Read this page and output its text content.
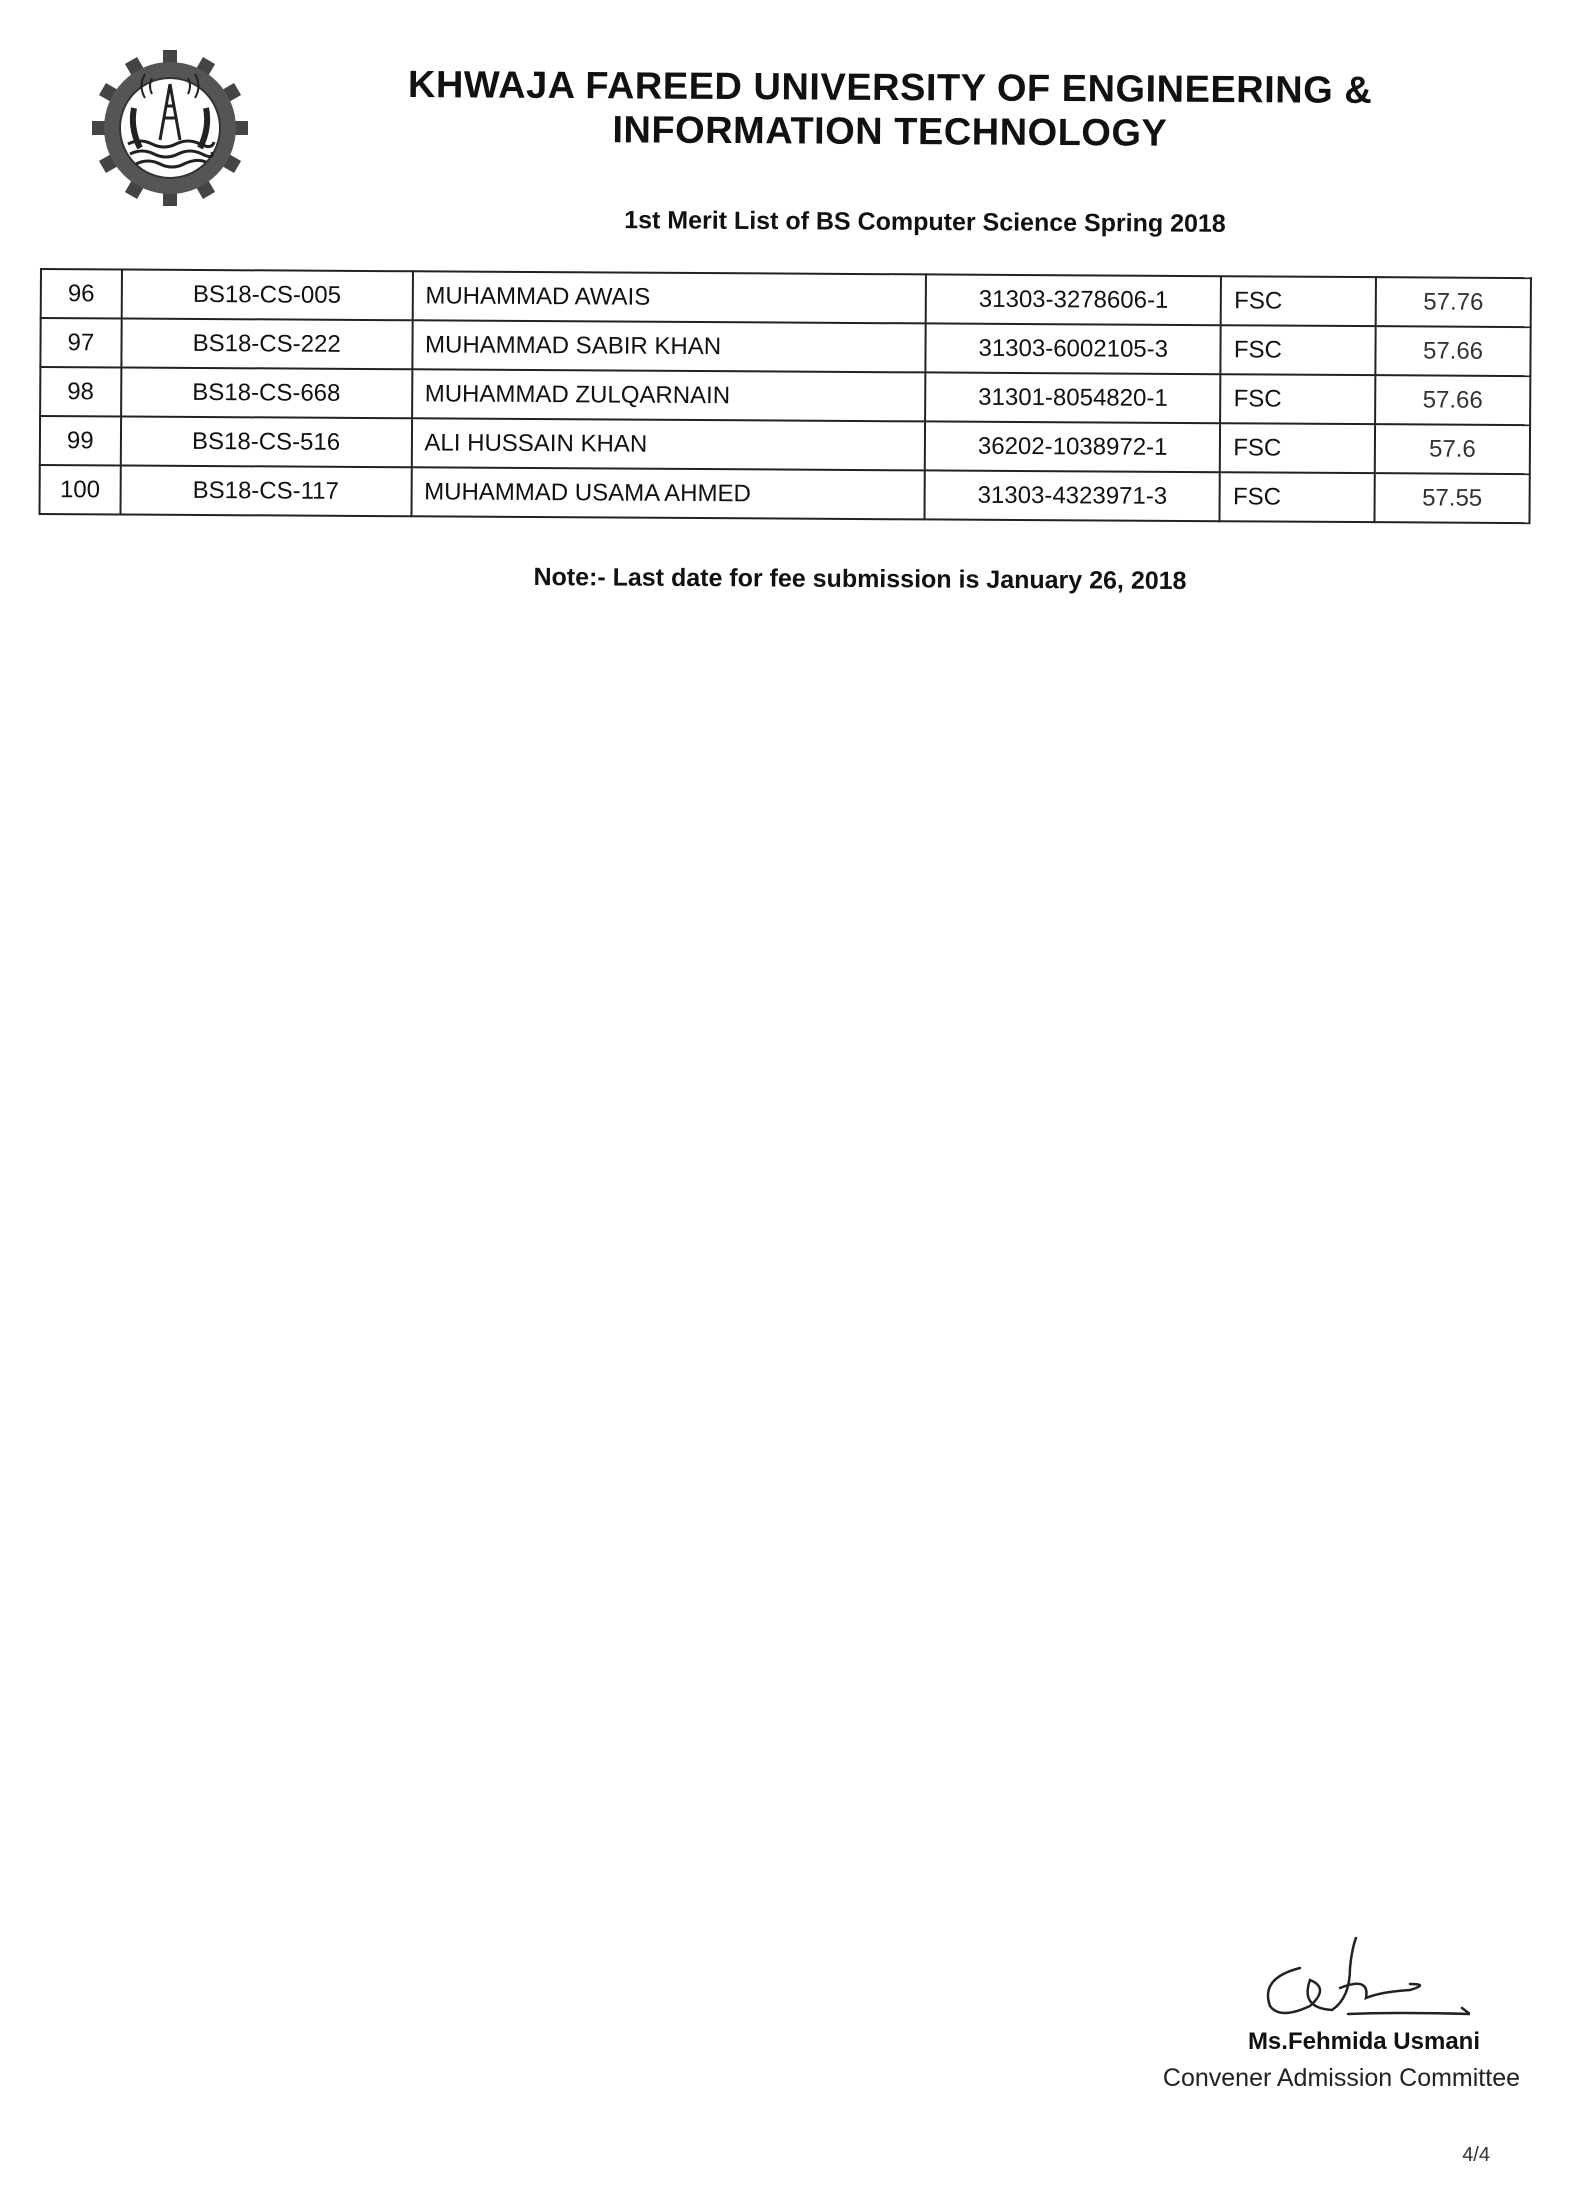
KHWAJA FAREED UNIVERSITY OF ENGINEERING &
INFORMATION TECHNOLOGY
1st Merit List of BS Computer Science Spring 2018
96	BS18-CS-005	MUHAMMAD AWAIS	31303-3278606-1	FSC	57.76
97	BS18-CS-222	MUHAMMAD SABIR KHAN	31303-6002105-3	FSC	57.66
98	BS18-CS-668	MUHAMMAD ZULQARNAIN	31301-8054820-1	FSC	57.66
99	BS18-CS-516	ALI HUSSAIN KHAN	36202-1038972-1	FSC	57.6
100	BS18-CS-117	MUHAMMAD USAMA AHMED	31303-4323971-3	FSC	57.55
Note:- Last date for fee submission is January 26, 2018
Ms.Fehmida Usmani
Convener Admission Committee
4/4
